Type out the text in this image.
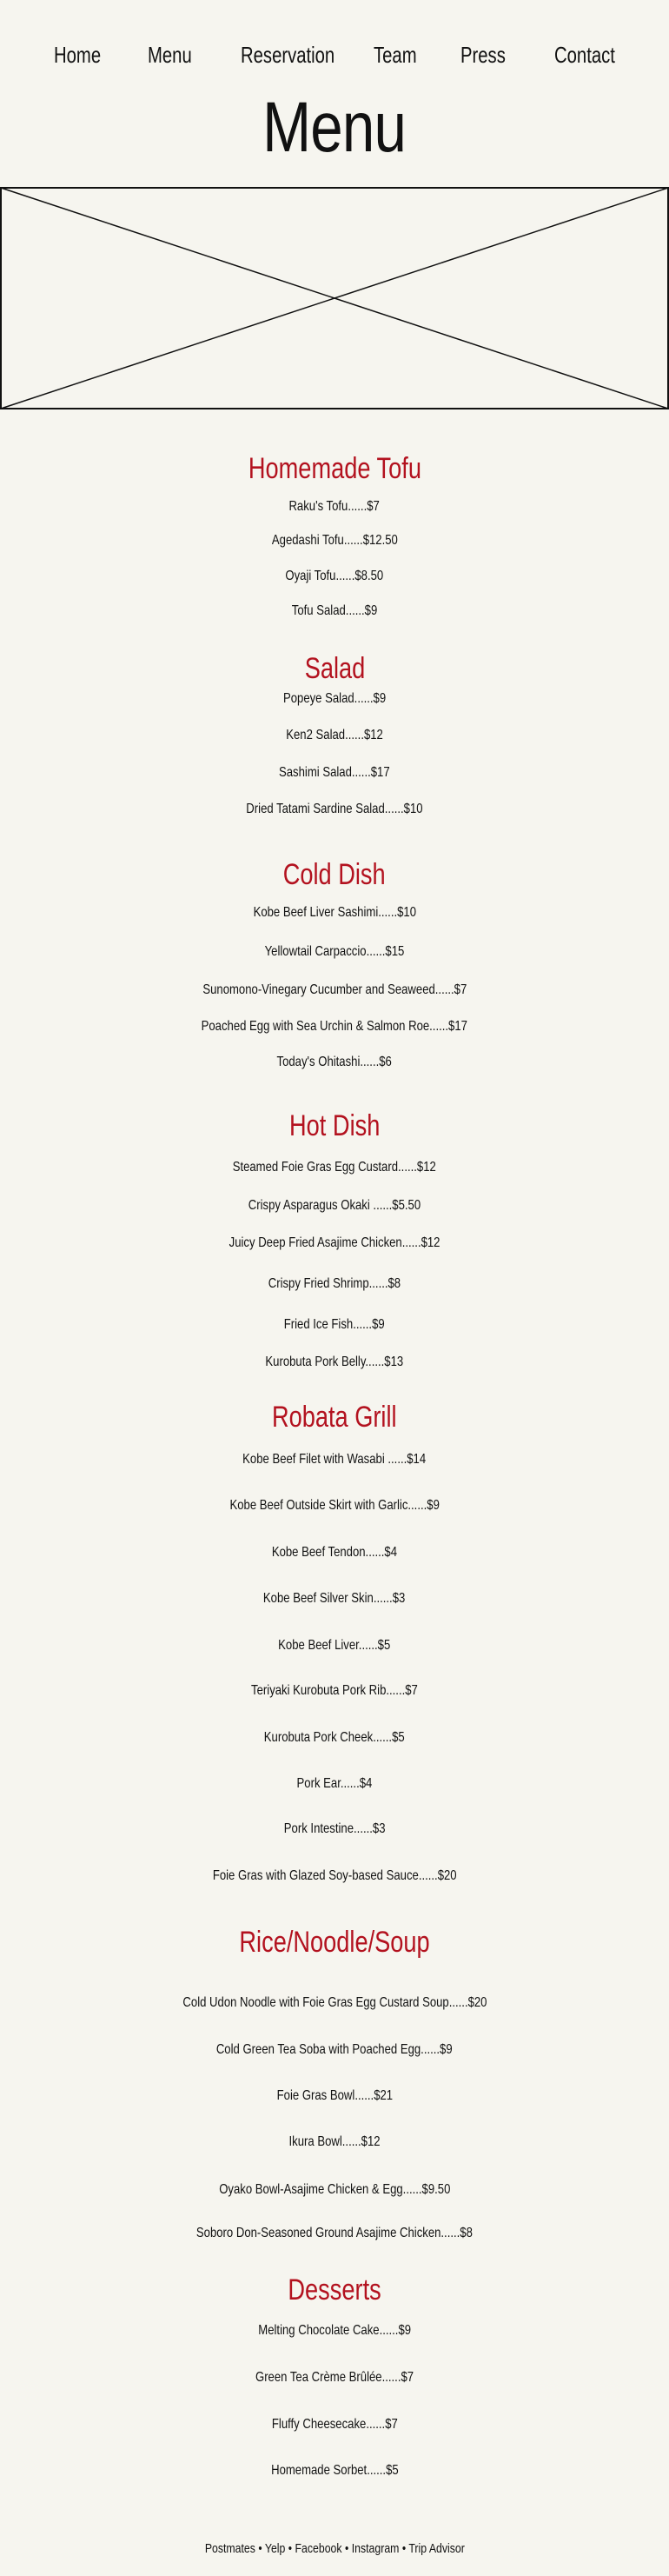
Home Menu Reservation Team Press Contact
Menu
Homemade Tofu
Raku's Tofu......$7
Agedashi Tofu......$12.50
Oyaji Tofu......$8.50
Tofu Salad......$9
Salad
Popeye Salad......$9
Ken2 Salad......$12
Sashimi Salad......$17
Dried Tatami Sardine Salad......$10
Cold Dish
Kobe Beef Liver Sashimi......$10
Yellowtail Carpaccio......$15
Sunomono-Vinegary Cucumber and Seaweed......$7
Poached Egg with Sea Urchin & Salmon Roe......$17
Today's Ohitashi......$6
Hot Dish
Steamed Foie Gras Egg Custard......$12
Crispy Asparagus Okaki ......$5.50
Juicy Deep Fried Asajime Chicken......$12
Crispy Fried Shrimp......$8
Fried Ice Fish......$9
Kurobuta Pork Belly......$13
Robata Grill
Kobe Beef Filet with Wasabi ......$14
Kobe Beef Outside Skirt with Garlic......$9
Kobe Beef Tendon......$4
Kobe Beef Silver Skin......$3
Kobe Beef Liver......$5
Teriyaki Kurobuta Pork Rib......$7
Kurobuta Pork Cheek......$5
Pork Ear......$4
Pork Intestine......$3
Foie Gras with Glazed Soy-based Sauce......$20
Rice/Noodle/Soup
Cold Udon Noodle with Foie Gras Egg Custard Soup......$20
Cold Green Tea Soba with Poached Egg......$9
Foie Gras Bowl......$21
Ikura Bowl......$12
Oyako Bowl-Asajime Chicken & Egg......$9.50
Soboro Don-Seasoned Ground Asajime Chicken......$8
Desserts
Melting Chocolate Cake......$9
Green Tea Crème Brûlée......$7
Fluffy Cheesecake......$7
Homemade Sorbet......$5
Postmates • Yelp • Facebook • Instagram • Trip Advisor
